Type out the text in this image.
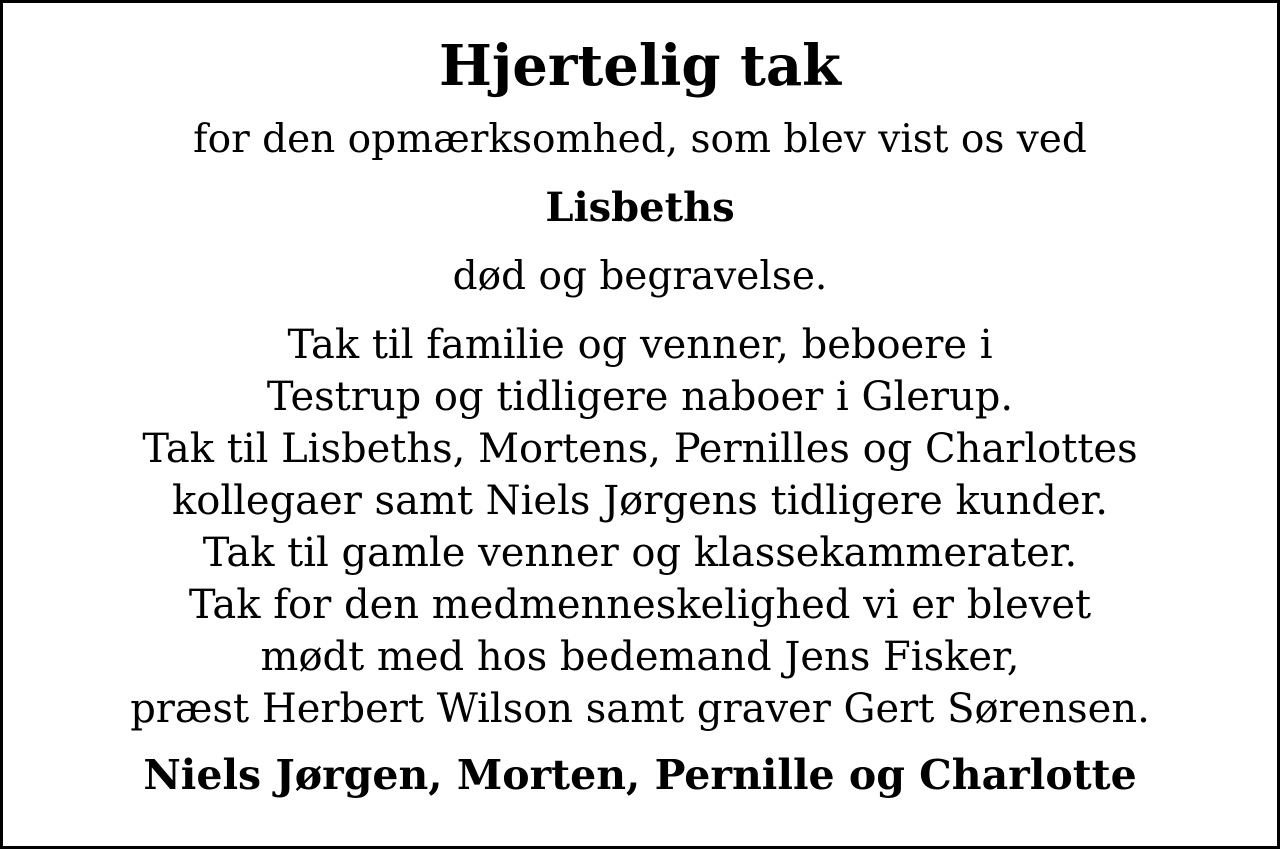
Hjertelig tak
for den opmærksomhed, som blev vist os ved
Lisbeths
død og begravelse.
Tak til familie og venner, beboere i
Testrup og tidligere naboer i Glerup.
Tak til Lisbeths, Mortens, Pernilles og Charlottes
kollegaer samt Niels Jørgens tidligere kunder.
Tak til gamle venner og klassekammerater.
Tak for den medmenneskelighed vi er blevet
mødt med hos bedemand Jens Fisker,
præst Herbert Wilson samt graver Gert Sørensen.
Niels Jørgen, Morten, Pernille og Charlotte
